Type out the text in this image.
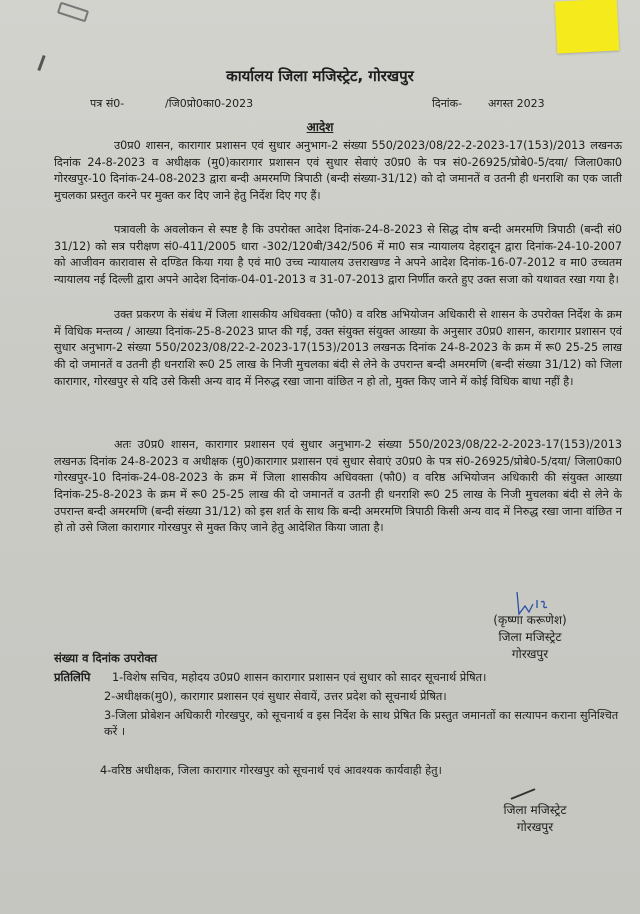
कार्यालय जिला मजिस्ट्रेट, गोरखपुर
पत्र सं0-	/जि0प्रो0का0-2023	दिनांक- अगस्त 2023
आदेश

उ0प्र0 शासन, कारागार प्रशासन एवं सुधार अनुभाग-2 संख्या 550/2023/08/22-2-2023-17(153)/2013 लखनऊ दिनांक 24-8-2023 व अधीक्षक (मु0)कारागार प्रशासन एवं सुधार सेवाएं उ0प्र0 के पत्र सं0-26925/प्रोबे0-5/दया/ जिला0का0 गोरखपुर-10 दिनांक-24-08-2023 द्वारा बन्दी अमरमणि त्रिपाठी (बन्दी संख्या-31/12) को दो जमानतें व उतनी ही धनराशि का एक जाती मुचलका प्रस्तुत करने पर मुक्त कर दिए जाने हेतु निर्देश दिए गए हैं।

पत्रावली के अवलोकन से स्पष्ट है कि उपरोक्त आदेश दिनांक-24-8-2023 से सिद्ध दोष बन्दी अमरमणि त्रिपाठी (बन्दी सं0 31/12) को सत्र परीक्षण सं0-411/2005 धारा -302/120बी/342/506 में मा0 सत्र न्यायालय देहरादून द्वारा दिनांक-24-10-2007 को आजीवन कारावास से दण्डित किया गया है एवं मा0 उच्च न्यायालय उत्तराखण्ड ने अपने आदेश दिनांक-16-07-2012 व मा0 उच्चतम न्यायालय नई दिल्ली द्वारा अपने आदेश दिनांक-04-01-2013 व 31-07-2013 द्वारा निर्णीत करते हुए उक्त सजा को यथावत रखा गया है।

उक्त प्रकरण के संबंध में जिला शासकीय अधिवक्ता (फौ0) व वरिष्ठ अभियोजन अधिकारी से शासन के उपरोक्त निर्देश के क्रम में विधिक मन्तव्य / आख्या दिनांक-25-8-2023 प्राप्त की गई, उक्त संयुक्त संयुक्त आख्या के अनुसार उ0प्र0 शासन, कारागार प्रशासन एवं सुधार अनुभाग-2 संख्या 550/2023/08/22-2-2023-17(153)/2013 लखनऊ दिनांक 24-8-2023 के क्रम में रू0 25-25 लाख की दो जमानतें व उतनी ही धनराशि रू0 25 लाख के निजी मुचलका बंदी से लेने के उपरान्त बन्दी अमरमणि (बन्दी संख्या 31/12) को जिला कारागार, गोरखपुर से यदि उसे किसी अन्य वाद में निरुद्ध रखा जाना वांछित न हो तो, मुक्त किए जाने में कोई विधिक बाधा नहीं है।

अतः उ0प्र0 शासन, कारागार प्रशासन एवं सुधार अनुभाग-2 संख्या 550/2023/08/22-2-2023-17(153)/2013 लखनऊ दिनांक 24-8-2023 व अधीक्षक (मु0)कारागार प्रशासन एवं सुधार सेवाएं उ0प्र0 के पत्र सं0-26925/प्रोबे0-5/दया/ जिला0का0 गोरखपुर-10 दिनांक-24-08-2023 के क्रम में जिला शासकीय अधिवक्ता (फौ0) व वरिष्ठ अभियोजन अधिकारी की संयुक्त आख्या दिनांक-25-8-2023 के क्रम में रू0 25-25 लाख की दो जमानतें व उतनी ही धनराशि रू0 25 लाख के निजी मुचलका बंदी से लेने के उपरान्त बन्दी अमरमणि (बन्दी संख्या 31/12) को इस शर्त के साथ कि बन्दी अमरमणि त्रिपाठी किसी अन्य वाद में निरुद्ध रखा जाना वांछित न हो तो उसे जिला कारागार गोरखपुर से मुक्त किए जाने हेतु आदेशित किया जाता है।

(कृष्णा करूणेश)
जिला मजिस्ट्रेट
गोरखपुर
संख्या व दिनांक उपरोक्त
प्रतिलिपि 1-विशेष सचिव, महोदय उ0प्र0 शासन कारागार प्रशासन एवं सुधार को सादर सूचनार्थ प्रेषित।
2-अधीक्षक(मु0), कारागार प्रशासन एवं सुधार सेवायें, उत्तर प्रदेश को सूचनार्थ प्रेषित।
3-जिला प्रोबेशन अधिकारी गोरखपुर, को सूचनार्थ व इस निर्देश के साथ प्रेषित कि प्रस्तुत जमानतों का सत्यापन कराना सुनिश्चित करें ।
4-वरिष्ठ अधीक्षक, जिला कारागार गोरखपुर को सूचनार्थ एवं आवश्यक कार्यवाही हेतु।
जिला मजिस्ट्रेट
गोरखपुर
